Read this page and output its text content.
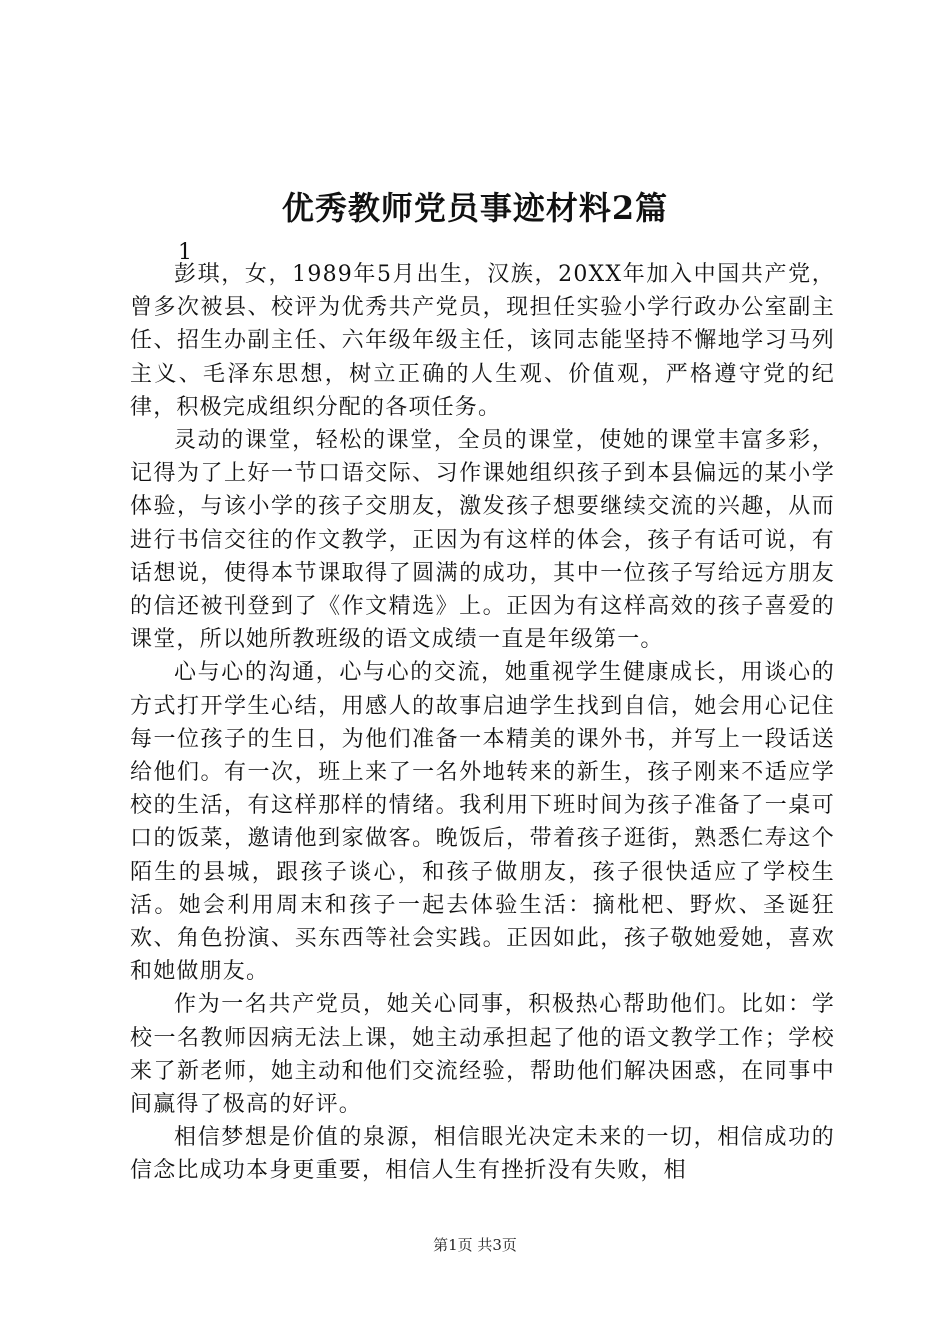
优秀教师党员事迹材料2篇
1

彭琪，女，1989年5月出生，汉族，20XX年加入中国共产党，曾多次被县、校评为优秀共产党员，现担任实验小学行政办公室副主任、招生办副主任、六年级年级主任，该同志能坚持不懈地学习马列主义、毛泽东思想，树立正确的人生观、价值观，严格遵守党的纪律，积极完成组织分配的各项任务。

灵动的课堂，轻松的课堂，全员的课堂，使她的课堂丰富多彩，记得为了上好一节口语交际、习作课她组织孩子到本县偏远的某小学体验，与该小学的孩子交朋友，激发孩子想要继续交流的兴趣，从而进行书信交往的作文教学，正因为有这样的体会，孩子有话可说，有话想说，使得本节课取得了圆满的成功，其中一位孩子写给远方朋友的信还被刊登到了《作文精选》上。正因为有这样高效的孩子喜爱的课堂，所以她所教班级的语文成绩一直是年级第一。

心与心的沟通，心与心的交流，她重视学生健康成长，用谈心的方式打开学生心结，用感人的故事启迪学生找到自信，她会用心记住每一位孩子的生日，为他们准备一本精美的课外书，并写上一段话送给他们。有一次，班上来了一名外地转来的新生，孩子刚来不适应学校的生活，有这样那样的情绪。我利用下班时间为孩子准备了一桌可口的饭菜，邀请他到家做客。晚饭后，带着孩子逛街，熟悉仁寿这个陌生的县城，跟孩子谈心，和孩子做朋友，孩子很快适应了学校生活。她会利用周末和孩子一起去体验生活：摘枇杷、野炊、圣诞狂欢、角色扮演、买东西等社会实践。正因如此，孩子敬她爱她，喜欢和她做朋友。

作为一名共产党员，她关心同事，积极热心帮助他们。比如：学校一名教师因病无法上课，她主动承担起了他的语文教学工作；学校来了新老师，她主动和他们交流经验，帮助他们解决困惑，在同事中间赢得了极高的好评。

相信梦想是价值的泉源，相信眼光决定未来的一切，相信成功的信念比成功本身更重要，相信人生有挫折没有失败，相

第1页 共3页
